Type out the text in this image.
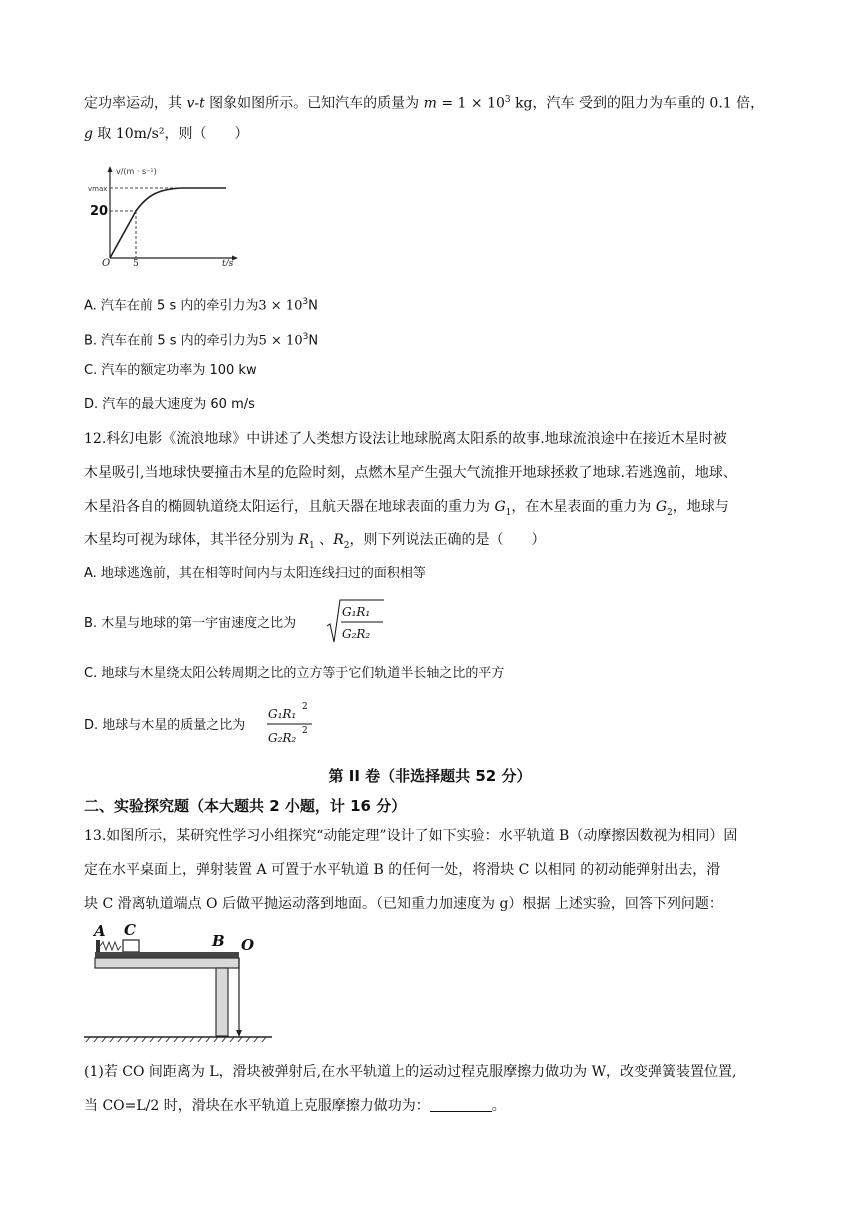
定功率运动，其 v-t 图象如图所示。已知汽车的质量为 $m = 1 \times 10^3$ kg，汽车 受到的阻力为车重的 0.1 倍，
g 取 10m/s²，则（　　）
v/(m · s⁻¹)
vmax
20
O	5	t/s
A. 汽车在前 5 s 内的牵引力为$3 \times 10^3N$
B. 汽车在前 5 s 内的牵引力为$5 \times 10^3N$
C. 汽车的额定功率为 100 kw
D. 汽车的最大速度为 60 m/s
12.科幻电影《流浪地球》中讲述了人类想方设法让地球脱离太阳系的故事.地球流浪途中在接近木星时被
木星吸引,当地球快要撞击木星的危险时刻，点燃木星产生强大气流推开地球拯救了地球.若逃逸前，地球、
木星沿各自的椭圆轨道绕太阳运行，且航天器在地球表面的重力为 $G_1$，在木星表面的重力为 $G_2$，地球与
木星均可视为球体，其半径分别为 $R_1$ 、$R_2$，则下列说法正确的是（　　）
A. 地球逃逸前，其在相等时间内与太阳连线扫过的面积相等
B. 木星与地球的第一宇宙速度之比为
G₁R₁
G₂R₂
C. 地球与木星绕太阳公转周期之比的立方等于它们轨道半长轴之比的平方
D. 地球与木星的质量之比为
G₁R₁ 2
G₂R₂ 2
第 II 卷（非选择题共 52 分）
二、实验探究题（本大题共 2 小题，计 16 分）
13.如图所示，某研究性学习小组探究“动能定理”设计了如下实验：水平轨道 B（动摩擦因数视为相同）固
定在水平桌面上，弹射装置 A 可置于水平轨道 B 的任何一处，将滑块 C 以相同 的初动能弹射出去，滑
块 C 滑离轨道端点 O 后做平抛运动落到地面。（已知重力加速度为 g）根据 上述实验，回答下列问题：
A C
B O
(1)若 CO 间距离为 L，滑块被弹射后,在水平轨道上的运动过程克服摩擦力做功为 W，改变弹簧装置位置,
当 CO=L/2 时，滑块在水平轨道上克服摩擦力做功为：	。
